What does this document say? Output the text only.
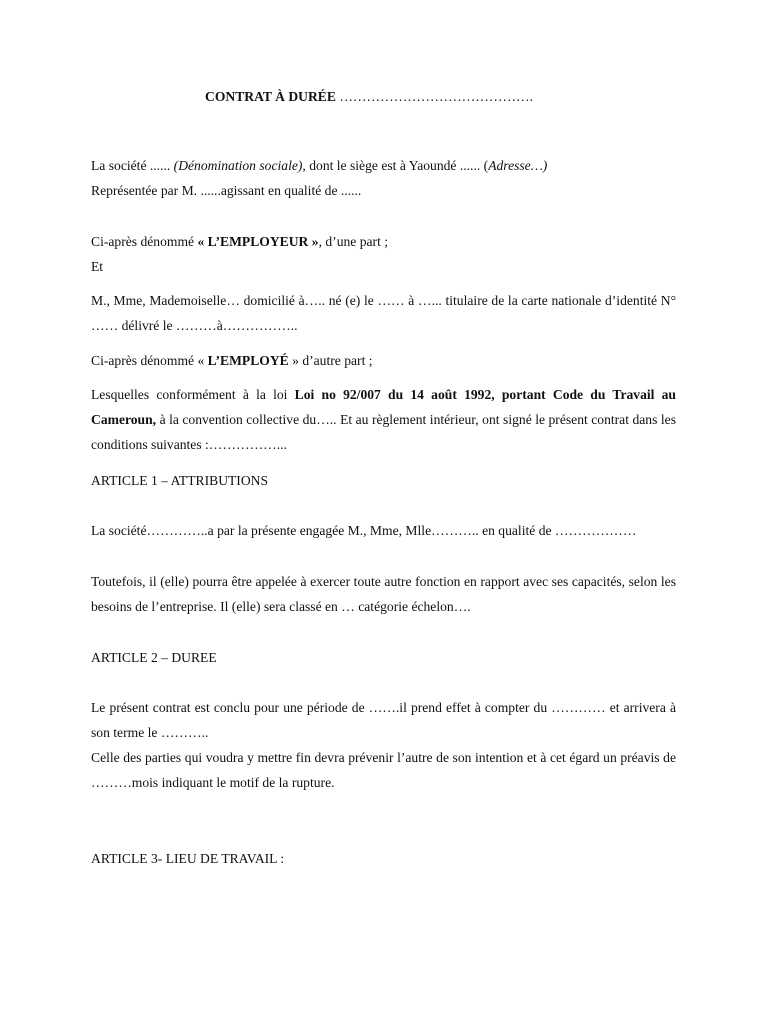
CONTRAT À DURÉE …………………………………….

La société ...... (Dénomination sociale), dont le siège est à Yaoundé ...... (Adresse…)
Représentée par M. ......agissant en qualité de ......

Ci-après dénommé « L’EMPLOYEUR », d’une part ;
Et

M., Mme, Mademoiselle… domicilié à….. né (e) le …… à …... titulaire de la carte nationale d’identité N° …… délivré le ………à……………..

Ci-après dénommé « L’EMPLOYÉ » d’autre part ;

Lesquelles conformément à la loi Loi no 92/007 du 14 août 1992, portant Code du Travail au Cameroun, à la convention collective du….. Et au règlement intérieur, ont signé le présent contrat dans les conditions suivantes :……………...

ARTICLE 1 – ATTRIBUTIONS

La société…………..a par la présente engagée M., Mme, Mlle……….. en qualité de ………………

Toutefois, il (elle) pourra être appelée à exercer toute autre fonction en rapport avec ses capacités, selon les besoins de l’entreprise. Il (elle) sera classé en … catégorie échelon….

ARTICLE 2 – DUREE

Le présent contrat est conclu pour une période de …….il prend effet à compter du ………… et arrivera à son terme le ………..

Celle des parties qui voudra y mettre fin devra prévenir l’autre de son intention et à cet égard un préavis de ………mois indiquant le motif de la rupture.

ARTICLE 3- LIEU DE TRAVAIL :
